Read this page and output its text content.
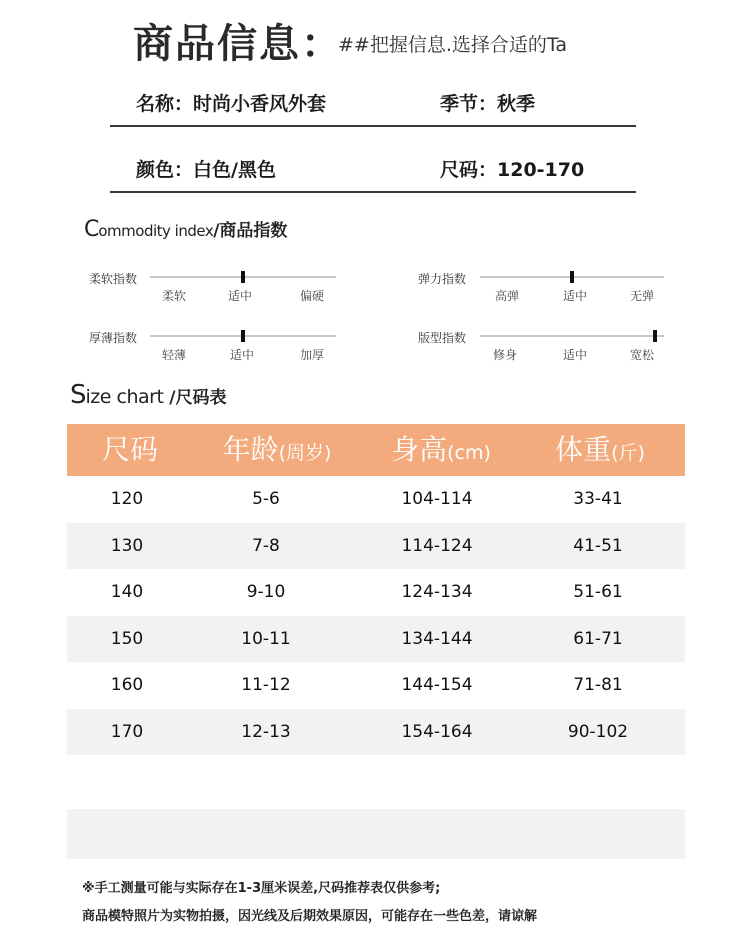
商品信息：
##把握信息.选择合适的Ta
名称：时尚小香风外套	季节：秋季
颜色：白色/黑色	尺码：120-170
Commodity index/商品指数
柔软指数
柔软	适中	偏硬
弹力指数
高弹	适中	无弹
厚薄指数
轻薄	适中	加厚
版型指数
修身	适中	宽松
Size chart /尺码表
尺码 年龄(周岁) 身高(cm) 体重(斤)
120	5-6	104-114	33-41
130	7-8	114-124	41-51
140	9-10	124-134	51-61
150	10-11	134-144	61-71
160	11-12	144-154	71-81
170	12-13	154-164	90-102
※手工测量可能与实际存在1-3厘米误差,尺码推荐表仅供参考;
商品模特照片为实物拍摄，因光线及后期效果原因，可能存在一些色差，请谅解
